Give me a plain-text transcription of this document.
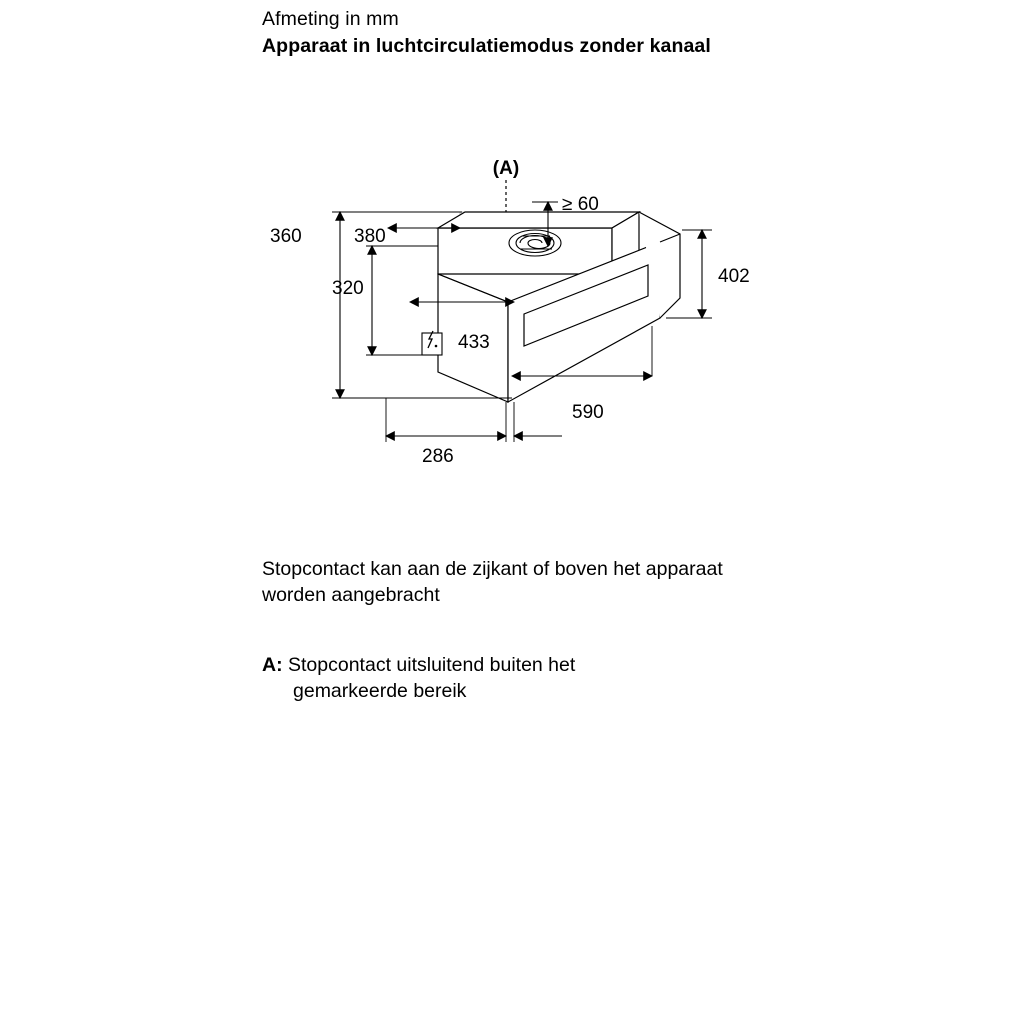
Afmeting in mm
Apparaat in luchtcirculatiemodus zonder kanaal
(A)
360	380
≥ 60
320
433
402
590
286
Stopcontact kan aan de zijkant of boven het apparaat worden aangebracht
A: Stopcontact uitsluitend buiten het
gemarkeerde bereik
